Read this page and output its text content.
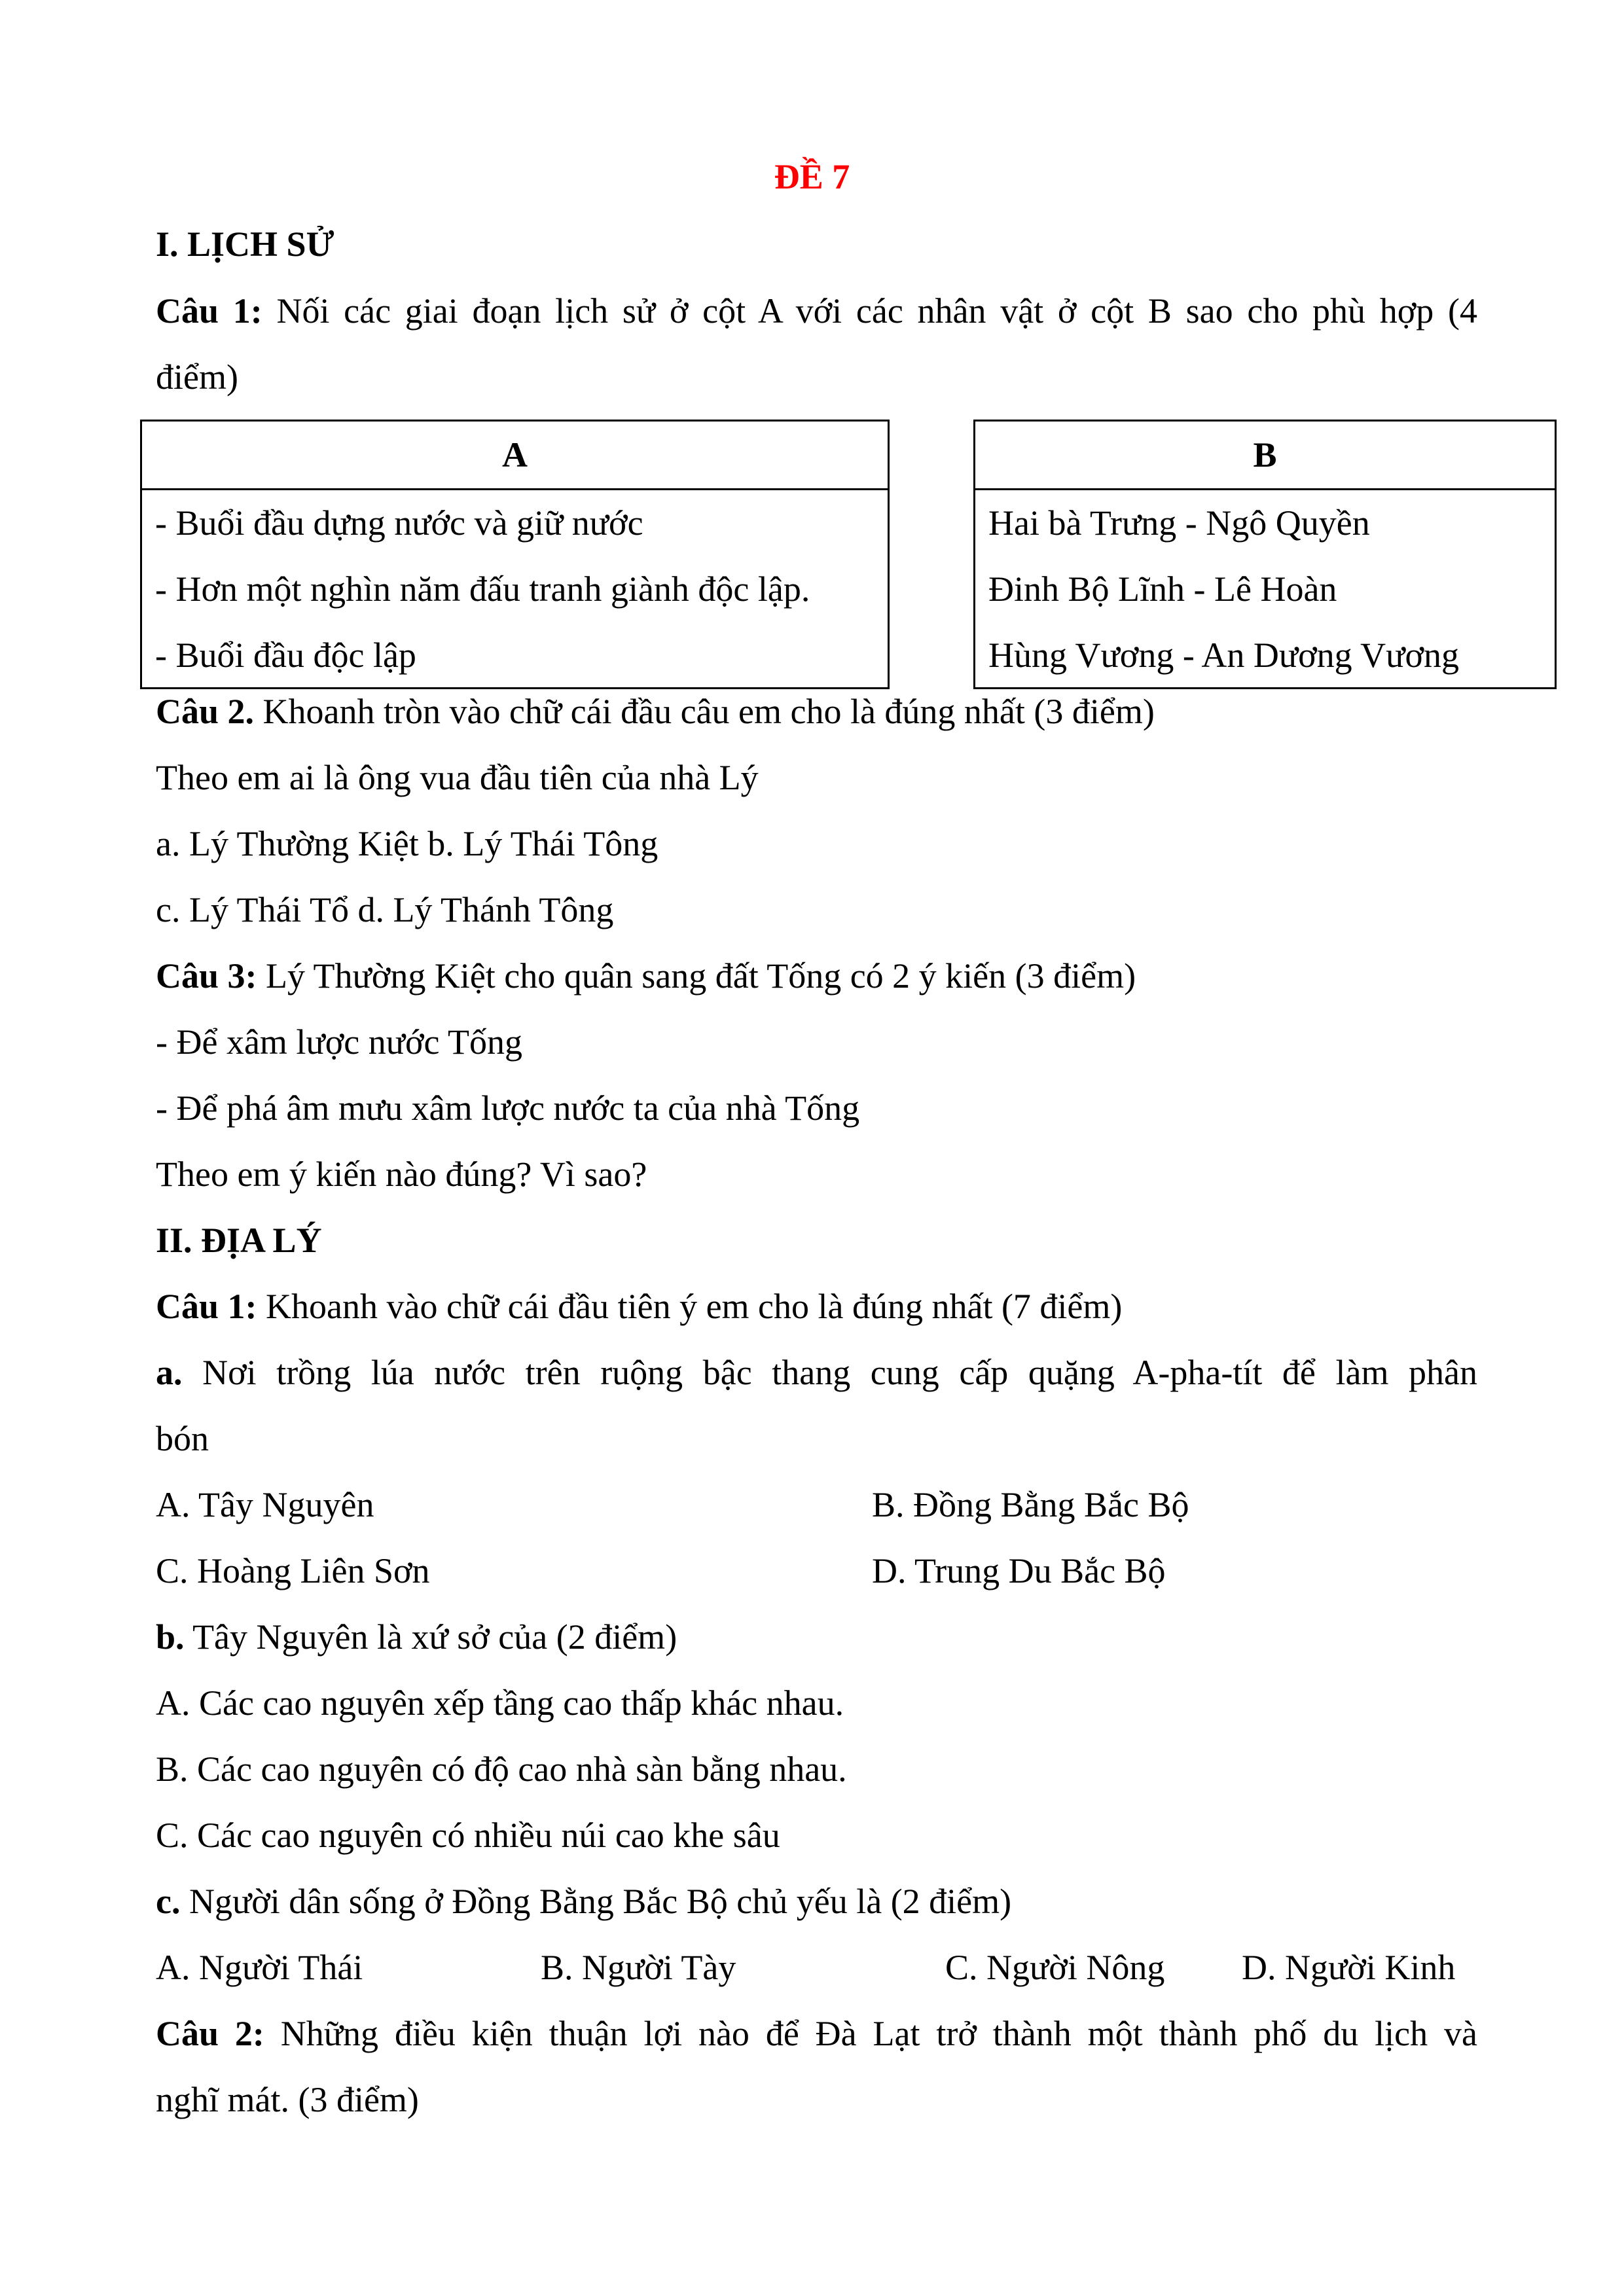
ĐỀ 7
I. LỊCH SỬ
Câu 1: Nối các giai đoạn lịch sử ở cột A với các nhân vật ở cột B sao cho phù hợp (4
điểm)
A
- Buổi đầu dựng nước và giữ nước
- Hơn một nghìn năm đấu tranh giành độc lập.
- Buổi đầu độc lập
B
Hai bà Trưng - Ngô Quyền
Đinh Bộ Lĩnh - Lê Hoàn
Hùng Vương - An Dương Vương
Câu 2. Khoanh tròn vào chữ cái đầu câu em cho là đúng nhất (3 điểm)
Theo em ai là ông vua đầu tiên của nhà Lý
a. Lý Thường Kiệt b. Lý Thái Tông
c. Lý Thái Tổ d. Lý Thánh Tông
Câu 3: Lý Thường Kiệt cho quân sang đất Tống có 2 ý kiến (3 điểm)
- Để xâm lược nước Tống
- Để phá âm mưu xâm lược nước ta của nhà Tống
Theo em ý kiến nào đúng? Vì sao?
II. ĐỊA LÝ
Câu 1: Khoanh vào chữ cái đầu tiên ý em cho là đúng nhất (7 điểm)
a. Nơi trồng lúa nước trên ruộng bậc thang cung cấp quặng A-pha-tít để làm phân
bón
A. Tây Nguyên	B. Đồng Bằng Bắc Bộ
C. Hoàng Liên Sơn	D. Trung Du Bắc Bộ
b. Tây Nguyên là xứ sở của (2 điểm)
A. Các cao nguyên xếp tầng cao thấp khác nhau.
B. Các cao nguyên có độ cao nhà sàn bằng nhau.
C. Các cao nguyên có nhiều núi cao khe sâu
c. Người dân sống ở Đồng Bằng Bắc Bộ chủ yếu là (2 điểm)
A. Người Thái	B. Người Tày	C. Người Nông D. Người Kinh
Câu 2: Những điều kiện thuận lợi nào để Đà Lạt trở thành một thành phố du lịch và
nghĩ mát. (3 điểm)
